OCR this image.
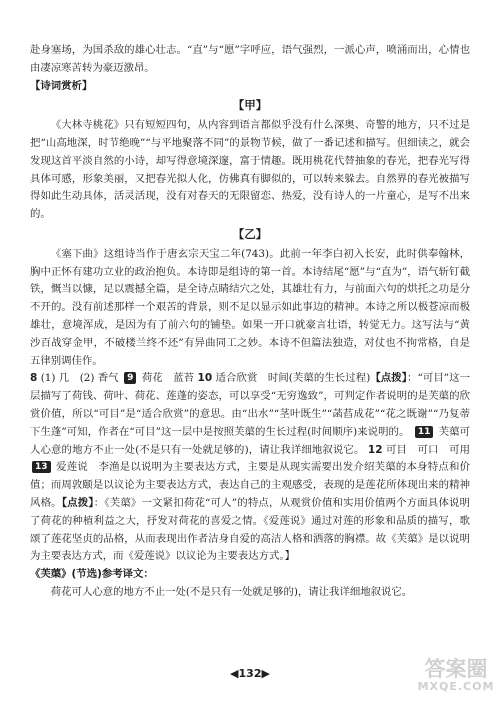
赴身塞场，为国杀敌的雄心壮志。“直”与“愿”字呼应，语气强烈，一派心声，喷涌而出，心情也由凄凉寒苦转为豪迈激昂。

【诗词赏析】

【甲】

《大林寺桃花》只有短短四句，从内容到语言都似乎没有什么深奥、奇警的地方，只不过是把“山高地深，时节绝晚”“与平地聚落不同”的景物节候，做了一番记述和描写。但细读之，就会发现这首平淡自然的小诗，却写得意境深邃，富于情趣。既用桃花代替抽象的春光，把春光写得具体可感，形象美丽，又把春光拟人化，仿佛真有脚似的，可以转来躲去。自然界的春光被描写得如此生动具体，活灵活现，没有对春天的无限留恋、热爱，没有诗人的一片童心，是写不出来的。

【乙】

《塞下曲》这组诗当作于唐玄宗天宝二年(743)。此前一年李白初入长安，此时供奉翰林，胸中正怀有建功立业的政治抱负。本诗即是组诗的第一首。本诗结尾“愿”与“直为”，语气斩钉截铁，慨当以慷，足以震撼全篇，是全诗点睛结穴之处，其雄壮有力，与前面六句的烘托之功是分不开的。没有前述那样一个艰苦的背景，则不足以显示如此事边的精神。本诗之所以极苍凉而极雄壮，意境浑成，是因为有了前六句的铺垫。如果一开口就豪言壮语，转觉无力。这写法与“黄沙百战穿金甲，不破楼兰终不还”有异曲同工之妙。本诗不但篇法独造，对仗也不拘常格，自是五律别调佳作。

8 (1) 几　(2) 香气 9 荷花　蓝苔 10 适合欣赏　时间(芙蕖的生长过程)【点拨】：“可目”这一层描写了荷钱、荷叶、荷花、莲蓬的姿态，可以享受“无穷逸致”，可判定作者说明的是芙蕖的欣赏价值，所以“可目”是“适合欣赏”的意思。由“出水”“茎叶既生”“菡萏成花”“花之既谢”“乃复蒂下生蓬”可知，作者在“可目”这一层中是按照芙蕖的生长过程(时间顺序)来说明的。 11 芙蕖可人心意的地方不止一处(不是只有一处就足够的)，请让我详细地叙说它。 12 可目　可口　可用 13 爱莲说　李渔是以说明为主要表达方式，主要是从现实需要出发介绍芙蕖的本身特点和价值；而周敦颐是以议论为主要表达方式，表达自己的主观感受，表现的是莲花所体现出来的精神风格。【点拨】：《芙蕖》一文紧扣荷花“可人”的特点，从观赏价值和实用价值两个方面具体说明了荷花的种植利益之大，抒发对荷花的喜爱之情。《爱莲说》通过对莲的形象和品质的描写，歌颂了莲花坚贞的品格，从而表现出作者洁身自爱的高洁人格和洒落的胸襟。故《芙蕖》是以说明为主要表达方式，而《爱莲说》以议论为主要表达方式。】

《芙蕖》(节选)参考译文：

荷花可人心意的地方不止一处(不是只有一处就足够的)，请让我详细地叙说它。

◀132▶	答案圈
MXQE.COM
